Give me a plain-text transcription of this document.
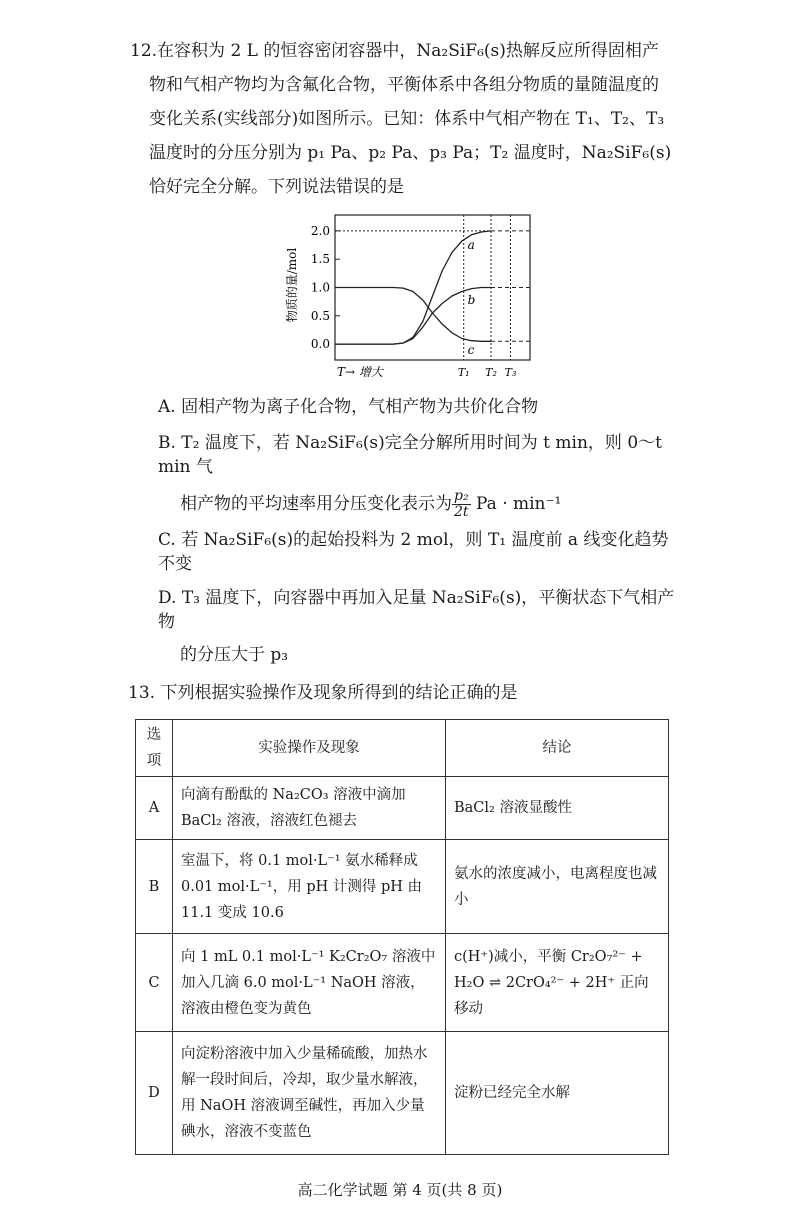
12.在容积为 2 L 的恒容密闭容器中，Na₂SiF₆(s)热解反应所得固相产物和气相产物均为含氟化合物，平衡体系中各组分物质的量随温度的变化关系(实线部分)如图所示。已知：体系中气相产物在 T₁、T₂、T₃ 温度时的分压分别为 p₁ Pa、p₂ Pa、p₃ Pa；T₂ 温度时，Na₂SiF₆(s)恰好完全分解。下列说法错误的是
物质的量/mol
T→ 增大
2.0
1.5
1.0
0.5
0.0
T₁ T₂ T₃
a
b
c
A. 固相产物为离子化合物，气相产物为共价化合物
B. T₂ 温度下，若 Na₂SiF₆(s)完全分解所用时间为 t min，则 0～t min 气
相产物的平均速率用分压变化表示为 $\frac{\text{p₂}}{2t}$ Pa · min⁻¹
C. 若 Na₂SiF₆(s)的起始投料为 2 mol，则 T₁ 温度前 a 线变化趋势不变
D. T₃ 温度下，向容器中再加入足量 Na₂SiF₆(s)，平衡状态下气相产物
的分压大于 p₃
13. 下列根据实验操作及现象所得到的结论正确的是
选项	实验操作及现象	结论
A	向滴有酚酞的 Na₂CO₃ 溶液中滴加 BaCl₂ 溶液，溶液红色褪去	BaCl₂ 溶液显酸性
B	室温下，将 0.1 mol·L⁻¹ 氨水稀释成 0.01 mol·L⁻¹，用 pH 计测得 pH 由 11.1 变成 10.6	氨水的浓度减小，电离程度也减小
C	向 1 mL 0.1 mol·L⁻¹ K₂Cr₂O₇ 溶液中加入几滴 6.0 mol·L⁻¹ NaOH 溶液，溶液由橙色变为黄色	c(H⁺)减小，平衡 Cr₂O₇²⁻ + H₂O ⇌ 2CrO₄²⁻ + 2H⁺ 正向移动
D	向淀粉溶液中加入少量稀硫酸，加热水解一段时间后，冷却，取少量水解液，用 NaOH 溶液调至碱性，再加入少量碘水，溶液不变蓝色	淀粉已经完全水解
高二化学试题 第 4 页(共 8 页)
